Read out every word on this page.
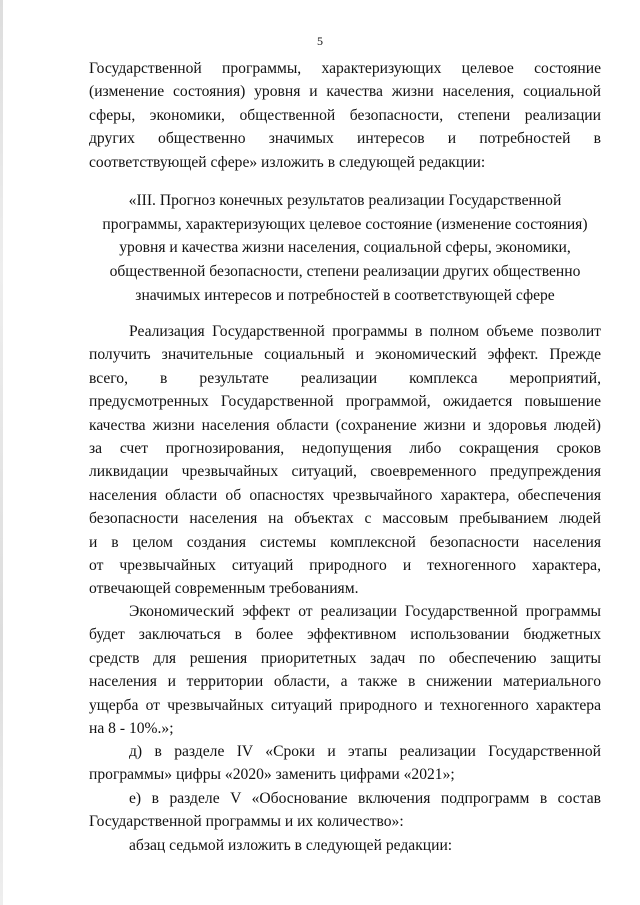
5
Государственной программы, характеризующих целевое состояние
(изменение состояния) уровня и качества жизни населения, социальной
сферы, экономики, общественной безопасности, степени реализации
других общественно значимых интересов и потребностей в
соответствующей сфере» изложить в следующей редакции:
«III. Прогноз конечных результатов реализации Государственной
программы, характеризующих целевое состояние (изменение состояния)
уровня и качества жизни населения, социальной сферы, экономики,
общественной безопасности, степени реализации других общественно
значимых интересов и потребностей в соответствующей сфере
Реализация Государственной программы в полном объеме позволит
получить значительные социальный и экономический эффект. Прежде
всего, в результате реализации комплекса мероприятий,
предусмотренных Государственной программой, ожидается повышение
качества жизни населения области (сохранение жизни и здоровья людей)
за счет прогнозирования, недопущения либо сокращения сроков
ликвидации чрезвычайных ситуаций, своевременного предупреждения
населения области об опасностях чрезвычайного характера, обеспечения
безопасности населения на объектах с массовым пребыванием людей
и в целом создания системы комплексной безопасности населения
от чрезвычайных ситуаций природного и техногенного характера,
отвечающей современным требованиям.
Экономический эффект от реализации Государственной программы
будет заключаться в более эффективном использовании бюджетных
средств для решения приоритетных задач по обеспечению защиты
населения и территории области, а также в снижении материального
ущерба от чрезвычайных ситуаций природного и техногенного характера
на 8 - 10%.»;
д) в разделе IV «Сроки и этапы реализации Государственной
программы» цифры «2020» заменить цифрами «2021»;
е) в разделе V «Обоснование включения подпрограмм в состав
Государственной программы и их количество»:
абзац седьмой изложить в следующей редакции:
